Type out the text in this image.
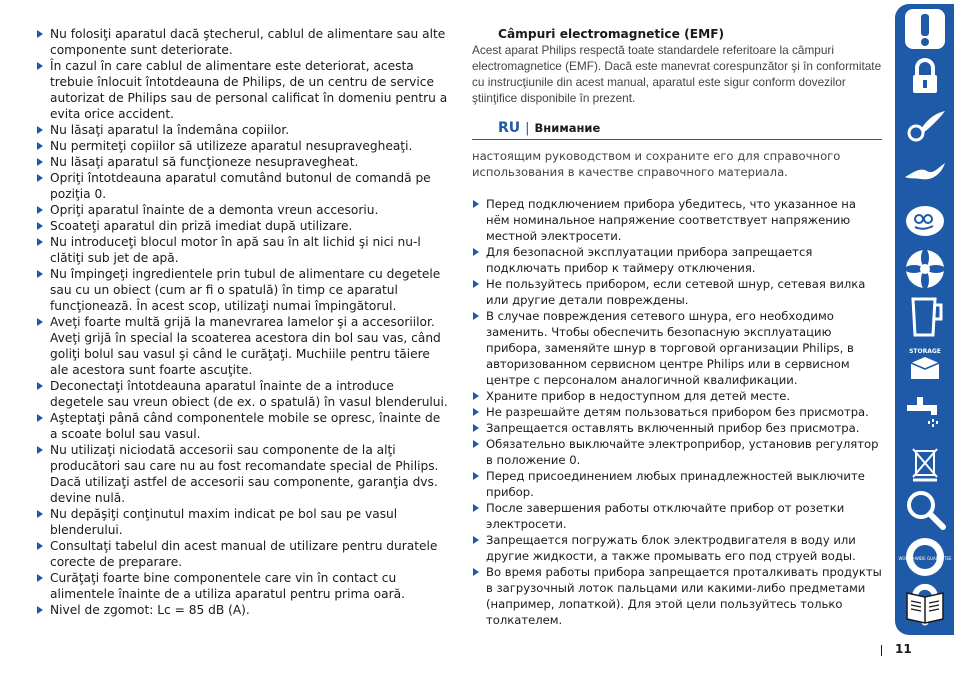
Nu folosiţi aparatul dacă ştecherul, cablul de alimentare sau alte componente sunt deteriorate.
În cazul în care cablul de alimentare este deteriorat, acesta trebuie înlocuit întotdeauna de Philips, de un centru de service autorizat de Philips sau de personal calificat în domeniu pentru a evita orice accident.
Nu lăsaţi aparatul la îndemâna copiilor.
Nu permiteţi copiilor să utilizeze aparatul nesupravegheaţi.
Nu lăsaţi aparatul să funcţioneze nesupravegheat.
Opriţi întotdeauna aparatul comutând butonul de comandă pe poziţia 0.
Opriţi aparatul înainte de a demonta vreun accesoriu.
Scoateţi aparatul din priză imediat după utilizare.
Nu introduceţi blocul motor în apă sau în alt lichid şi nici nu-l clătiţi sub jet de apă.
Nu împingeţi ingredientele prin tubul de alimentare cu degetele sau cu un obiect (cum ar fi o spatulă) în timp ce aparatul funcţionează. În acest scop, utilizaţi numai împingătorul.
Aveţi foarte multă grijă la manevrarea lamelor şi a accesoriilor. Aveţi grijă în special la scoaterea acestora din bol sau vas, când goliţi bolul sau vasul şi când le curăţaţi. Muchiile pentru tăiere ale acestora sunt foarte ascuţite.
Deconectaţi întotdeauna aparatul înainte de a introduce degetele sau vreun obiect (de ex. o spatulă) în vasul blenderului.
Aşteptaţi până când componentele mobile se opresc, înainte de a scoate bolul sau vasul.
Nu utilizaţi niciodată accesorii sau componente de la alţi producători sau care nu au fost recomandate special de Philips. Dacă utilizaţi astfel de accesorii sau componente, garanţia dvs. devine nulă.
Nu depăşiţi conţinutul maxim indicat pe bol sau pe vasul blenderului.
Consultaţi tabelul din acest manual de utilizare pentru duratele corecte de preparare.
Curăţaţi foarte bine componentele care vin în contact cu alimentele înainte de a utiliza aparatul pentru prima oară.
Nivel de zgomot: Lc = 85 dB (A).
Câmpuri electromagnetice (EMF)
Acest aparat Philips respectă toate standardele referitoare la câmpuri electromagnetice (EMF). Dacă este manevrat corespunzător şi în conformitate cu instrucţiunile din acest manual, aparatul este sigur conform dovezilor ştiinţifice disponibile în prezent.
RU | Внимание
настоящим руководством и сохраните его для справочного использования в качестве справочного материала.
Перед подключением прибора убедитесь, что указанное на нём номинальное напряжение соответствует напряжению местной электросети.
Для безопасной эксплуатации прибора запрещается подключать прибор к таймеру отключения.
Не пользуйтесь прибором, если сетевой шнур, сетевая вилка или другие детали повреждены.
В случае повреждения сетевого шнура, его необходимо заменить. Чтобы обеспечить безопасную эксплуатацию прибора, заменяйте шнур в торговой организации Philips, в авторизованном сервисном центре Philips или в сервисном центре с персоналом аналогичной квалификации.
Храните прибор в недоступном для детей месте.
Не разрешайте детям пользоваться прибором без присмотра.
Запрещается оставлять включенный прибор без присмотра.
Обязательно выключайте электроприбор, установив регулятор в положение 0.
Перед присоединением любых принадлежностей выключите прибор.
После завершения работы отключайте прибор от розетки электросети.
Запрещается погружать блок электродвигателя в воду или другие жидкости, а также промывать его под струей воды.
Во время работы прибора запрещается проталкивать продукты в загрузочный лоток пальцами или какими-либо предметами (например, лопаткой). Для этой цели пользуйтесь только толкателем.
STORAGE
WORLD-WIDE GUARANTEE
11
